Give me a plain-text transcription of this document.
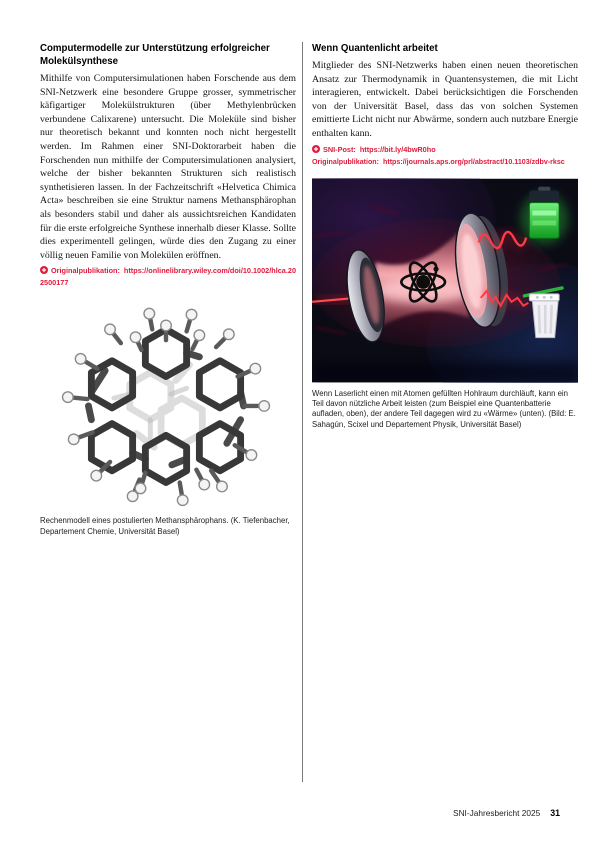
Computermodelle zur Unterstützung erfolgreicher Molekülsynthese

Mithilfe von Computersimulationen haben Forschende aus dem SNI-Netzwerk eine besondere Gruppe grosser, symmetrischer käfigartiger Molekülstrukturen (über Methylenbrücken verbundene Calixarene) untersucht. Die Moleküle sind bisher nur theoretisch bekannt und konnten noch nicht hergestellt werden. Im Rahmen einer SNI-Doktorarbeit haben die Forschenden nun mithilfe der Computersimulationen analysiert, welche der bisher bekannten Strukturen sich realistisch synthetisieren lassen. In der Fachzeitschrift «Helvetica Chimica Acta» beschreiben sie eine Struktur namens Methansphärophan als besonders stabil und daher als aussichtsreichen Kandidaten für die erste erfolgreiche Synthese innerhalb dieser Klasse. Sollte dies experimentell gelingen, würde dies den Zugang zu einer völlig neuen Familie von Molekülen eröffnen.

Originalpublikation: https://onlinelibrary.wiley.com/doi/10.1002/hlca.202500177

Rechenmodell eines postulierten Methansphärophans. (K. Tiefenbacher, Departement Chemie, Universität Basel)

Wenn Quantenlicht arbeitet

Mitglieder des SNI-Netzwerks haben einen neuen theoretischen Ansatz zur Thermodynamik in Quantensystemen, die mit Licht interagieren, entwickelt. Dabei berücksichtigen die Forschenden von der Universität Basel, dass das von solchen Systemen emittierte Licht nicht nur Abwärme, sondern auch nutzbare Energie enthalten kann.

SNI-Post: https://bit.ly/4bwR0ho
Originalpublikation: https://journals.aps.org/prl/abstract/10.1103/zdbv-rksc

Wenn Laserlicht einen mit Atomen gefüllten Hohlraum durchläuft, kann ein Teil davon nützliche Arbeit leisten (zum Beispiel eine Quantenbatterie aufladen, oben), der andere Teil dagegen wird zu «Wärme» (unten). (Bild: E. Sahagún, Scixel und Departement Physik, Universität Basel)

SNI-Jahresbericht 2025 31
